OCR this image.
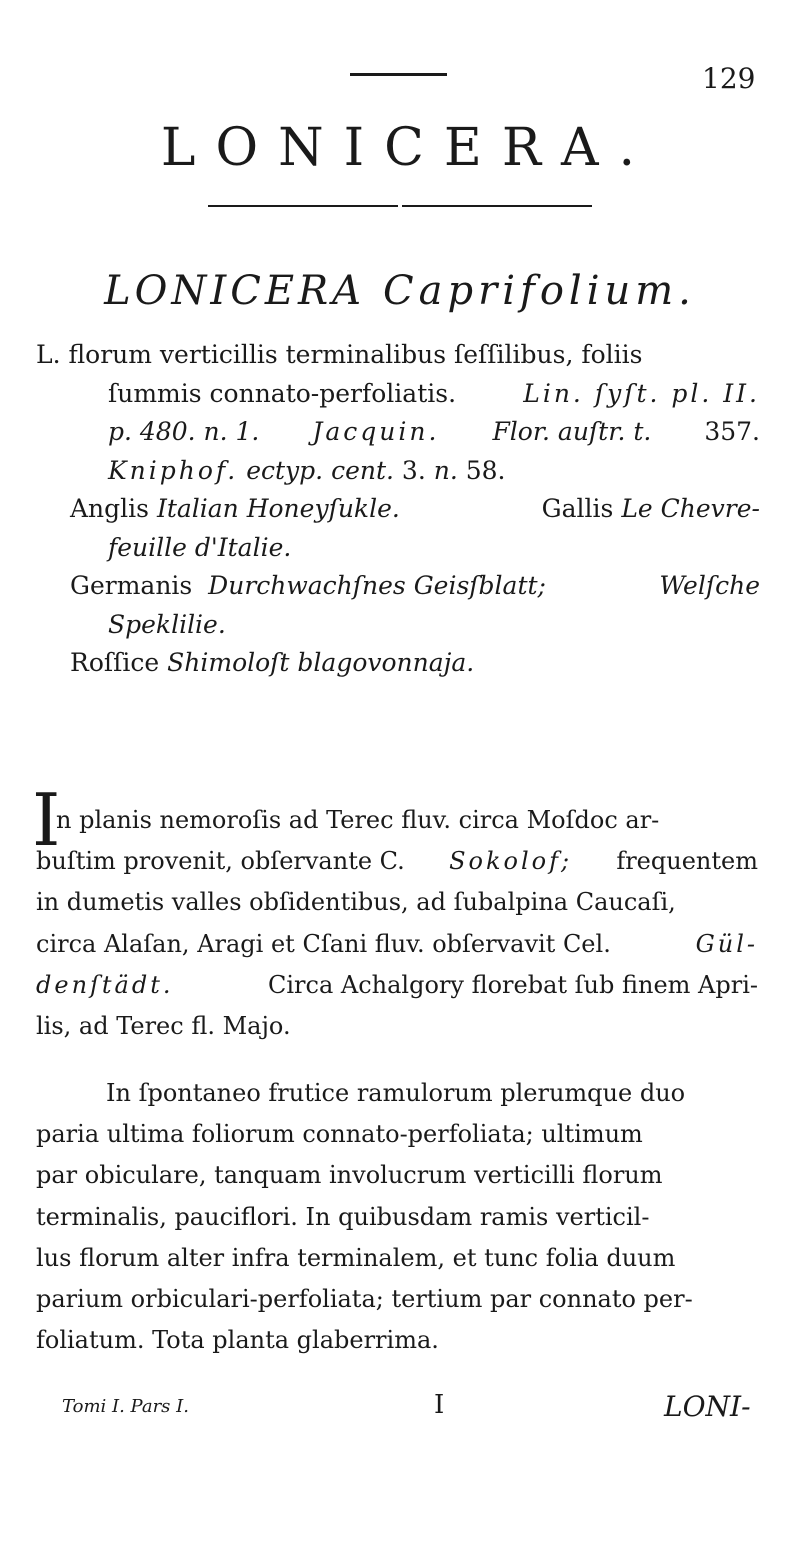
129
LONICERA.
LONICERA Caprifolium.
L. florum verticillis terminalibus ſeſſilibus, foliis
ſummis connato-perfoliatis.	Lin. ſyſt. pl. II.
p. 480. n. 1. Jacquin. Flor. auſtr. t. 357.
Kniphof. ectyp. cent. 3. n. 58.
Anglis Italian Honeyſukle.	Gallis Le Chevre-
feuille d'Italie.
Germanis Durchwachſnes Geisſblatt;	Welſche
Speklilie.
Roſſice Shimoloſt blagovonnaja.
I
n planis nemoroſis ad Terec fluv. circa Moſdoc ar-
buſtim provenit, obſervante C. Sokolof; frequentem
in dumetis valles obſidentibus, ad ſubalpina Caucaſi,
circa Alaſan, Aragi et Cſani fluv. obſervavit Cel.	Gül-
denſtädt.	Circa Achalgory florebat ſub finem Apri-
lis, ad Terec fl. Majo.
In ſpontaneo frutice ramulorum plerumque duo
paria ultima foliorum connato-perfoliata; ultimum
par obiculare, tanquam involucrum verticilli florum
terminalis, pauciflori. In quibusdam ramis verticil-
lus florum alter infra terminalem, et tunc folia duum
parium orbiculari-perfoliata; tertium par connato per-
foliatum. Tota planta glaberrima.
Tomi I. Pars I.	I	LONI-
